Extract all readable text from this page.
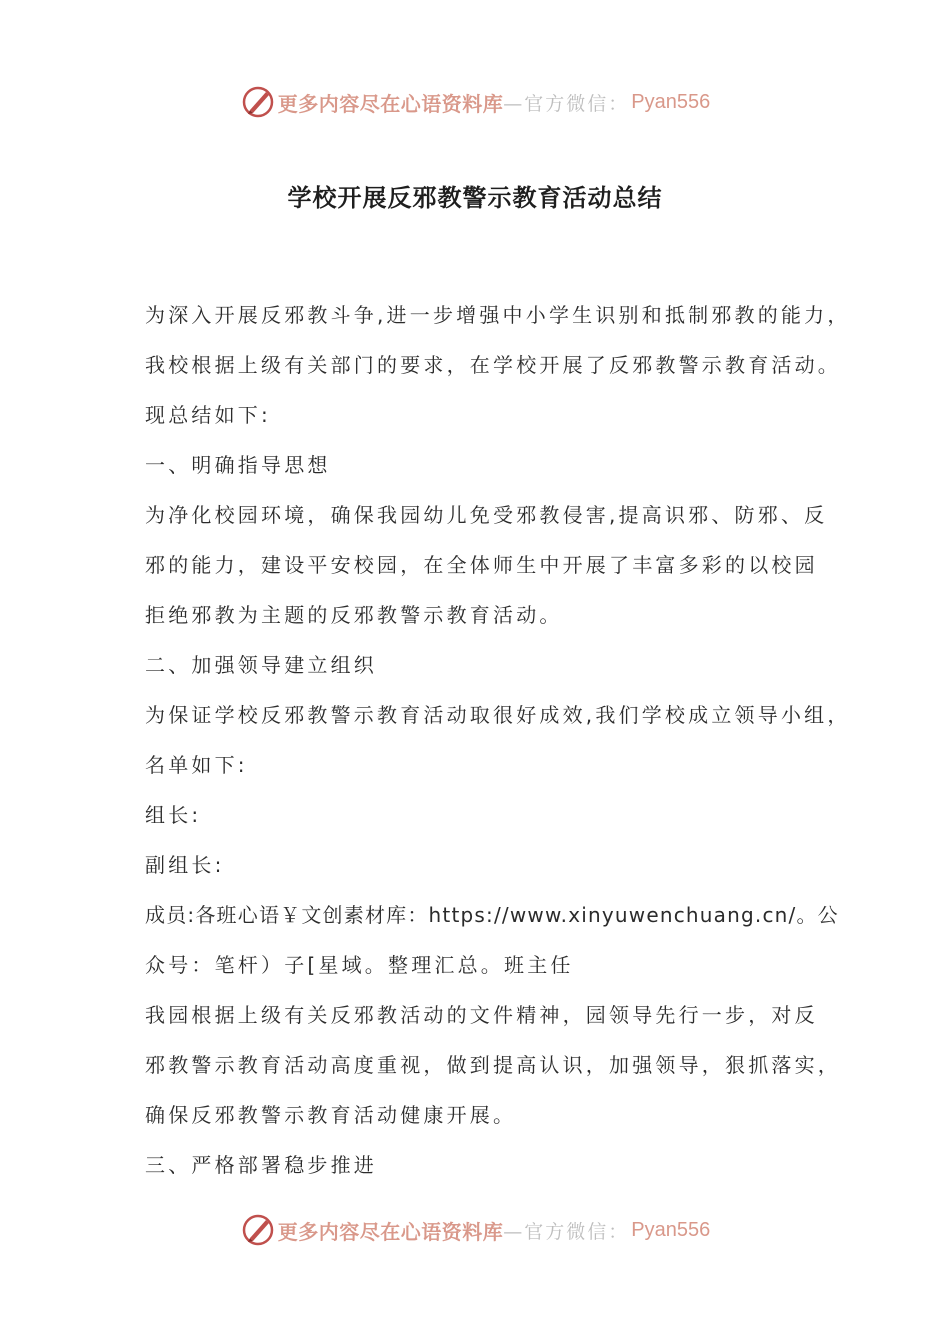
更多内容尽在心语资料库 —官方微信： Pyan556
学校开展反邪教警示教育活动总结
为深入开展反邪教斗争,进一步增强中小学生识别和抵制邪教的能力，
我校根据上级有关部门的要求，在学校开展了反邪教警示教育活动。
现总结如下:
一、明确指导思想
为净化校园环境，确保我园幼儿免受邪教侵害,提高识邪、防邪、反
邪的能力，建设平安校园，在全体师生中开展了丰富多彩的以校园
拒绝邪教为主题的反邪教警示教育活动。
二、加强领导建立组织
为保证学校反邪教警示教育活动取很好成效,我们学校成立领导小组，
名单如下:
组长:
副组长:
成员:各班心语￥文创素材库：https://www.xinyuwenchuang.cn/。公
众号：笔杆）子[星域。整理汇总。班主任
我园根据上级有关反邪教活动的文件精神，园领导先行一步，对反
邪教警示教育活动高度重视，做到提高认识，加强领导，狠抓落实，
确保反邪教警示教育活动健康开展。
三、严格部署稳步推进
更多内容尽在心语资料库 —官方微信： Pyan556
